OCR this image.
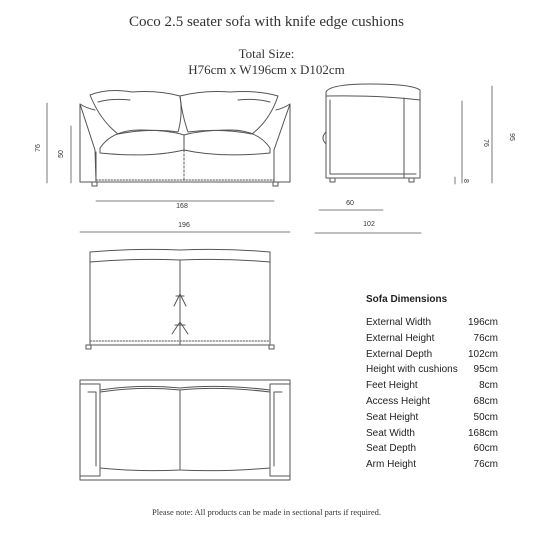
Coco 2.5 seater sofa with knife edge cushions
Total Size:
H76cm x W196cm x D102cm
76
50
168
196
60
102
76
95
8
Sofa Dimensions
External Width	196cm
External Height	76cm
External Depth	102cm
Height with cushions 95cm
Feet Height	8cm
Access Height	68cm
Seat Height	50cm
Seat Width	168cm
Seat Depth	60cm
Arm Height	76cm
Please note: All products can be made in sectional parts if required.
